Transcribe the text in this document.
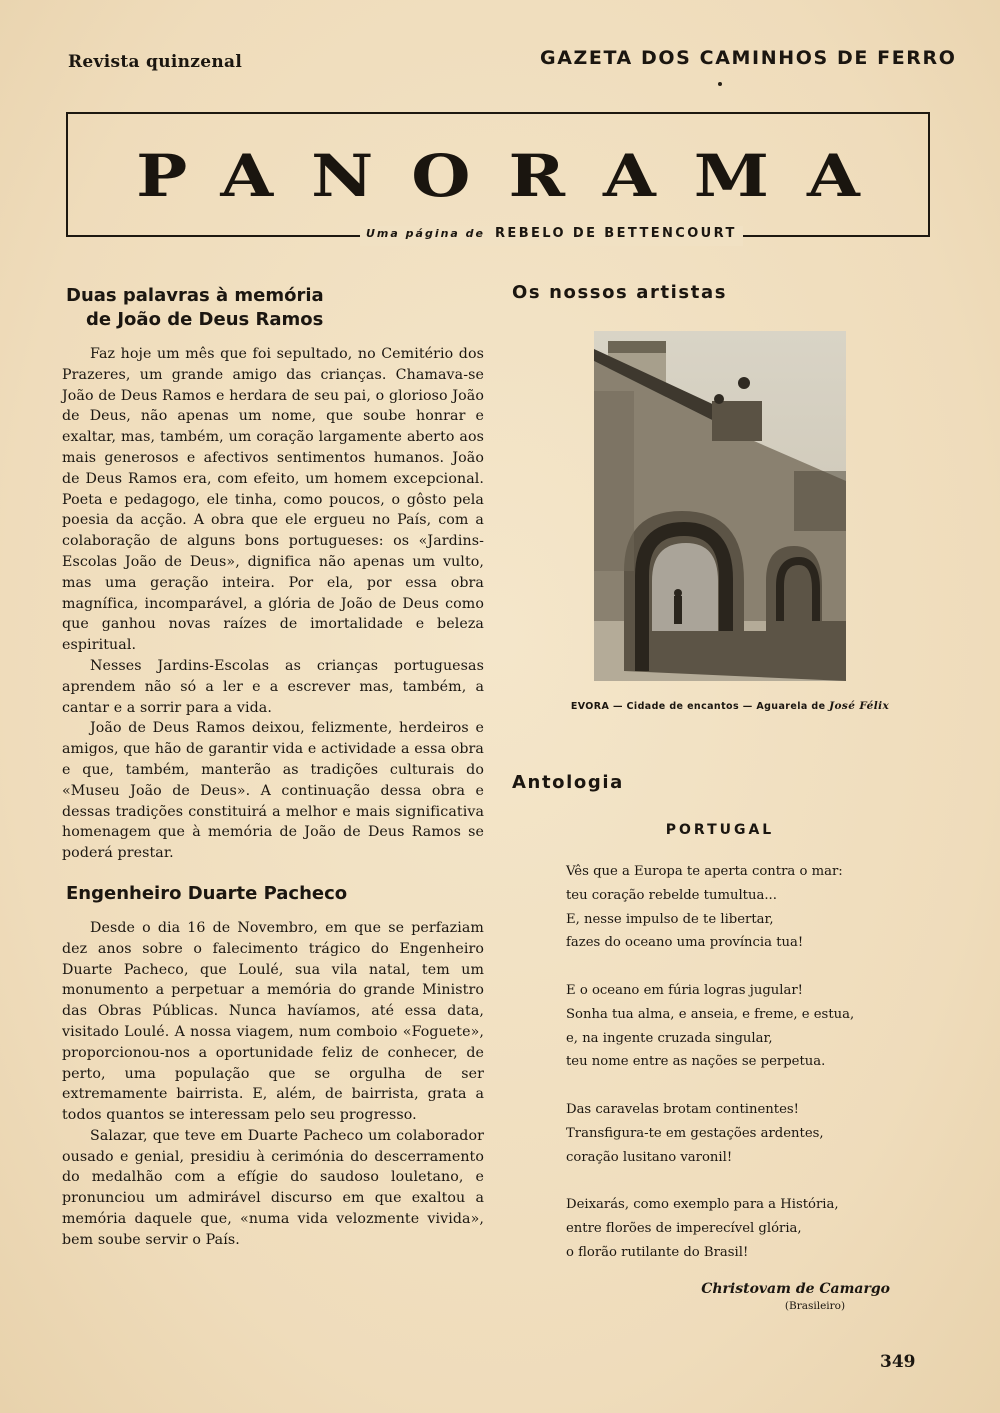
Revista quinzenal	GAZETA DOS CAMINHOS DE FERRO
PANORAMA
Uma página de REBELO DE BETTENCOURT
Duas palavras à memória
de João de Deus Ramos

Faz hoje um mês que foi sepultado, no Cemitério dos Prazeres, um grande amigo das crianças. Chamava-se João de Deus Ramos e herdara de seu pai, o glorioso João de Deus, não apenas um nome, que soube honrar e exaltar, mas, também, um coração largamente aberto aos mais generosos e afectivos sentimentos humanos. João de Deus Ramos era, com efeito, um homem excepcional. Poeta e pedagogo, ele tinha, como poucos, o gôsto pela poesia da acção. A obra que ele ergueu no País, com a colaboração de alguns bons portugueses: os «Jardins-Escolas João de Deus», dignifica não apenas um vulto, mas uma geração inteira. Por ela, por essa obra magnífica, incomparável, a glória de João de Deus como que ganhou novas raízes de imortalidade e beleza espiritual.

Nesses Jardins-Escolas as crianças portuguesas aprendem não só a ler e a escrever mas, também, a cantar e a sorrir para a vida.

João de Deus Ramos deixou, felizmente, herdeiros e amigos, que hão de garantir vida e actividade a essa obra e que, também, manterão as tradições culturais do «Museu João de Deus». A continuação dessa obra e dessas tradições constituirá a melhor e mais significativa homenagem que à memória de João de Deus Ramos se poderá prestar.

Engenheiro Duarte Pacheco

Desde o dia 16 de Novembro, em que se perfaziam dez anos sobre o falecimento trágico do Engenheiro Duarte Pacheco, que Loulé, sua vila natal, tem um monumento a perpetuar a memória do grande Ministro das Obras Públicas. Nunca havíamos, até essa data, visitado Loulé. A nossa viagem, num comboio «Foguete», proporcionou-nos a oportunidade feliz de conhecer, de perto, uma população que se orgulha de ser extremamente bairrista. E, além, de bairrista, grata a todos quantos se interessam pelo seu progresso.

Salazar, que teve em Duarte Pacheco um colaborador ousado e genial, presidiu à cerimónia do descerramento do medalhão com a efígie do saudoso louletano, e pronunciou um admirável discurso em que exaltou a memória daquele que, «numa vida velozmente vivida», bem soube servir o País.

Os nossos artistas
EVORA — Cidade de encantos — Aguarela de José Félix
Antologia
PORTUGAL
Vês que a Europa te aperta contra o mar:
teu coração rebelde tumultua...
E, nesse impulso de te libertar,
fazes do oceano uma província tua!
E o oceano em fúria logras jugular!
Sonha tua alma, e anseia, e freme, e estua,
e, na ingente cruzada singular,
teu nome entre as nações se perpetua.
Das caravelas brotam continentes!
Transfigura-te em gestações ardentes,
coração lusitano varonil!
Deixarás, como exemplo para a História,
entre florões de imperecível glória,
o florão rutilante do Brasil!
Christovam de Camargo
(Brasileiro)
349
